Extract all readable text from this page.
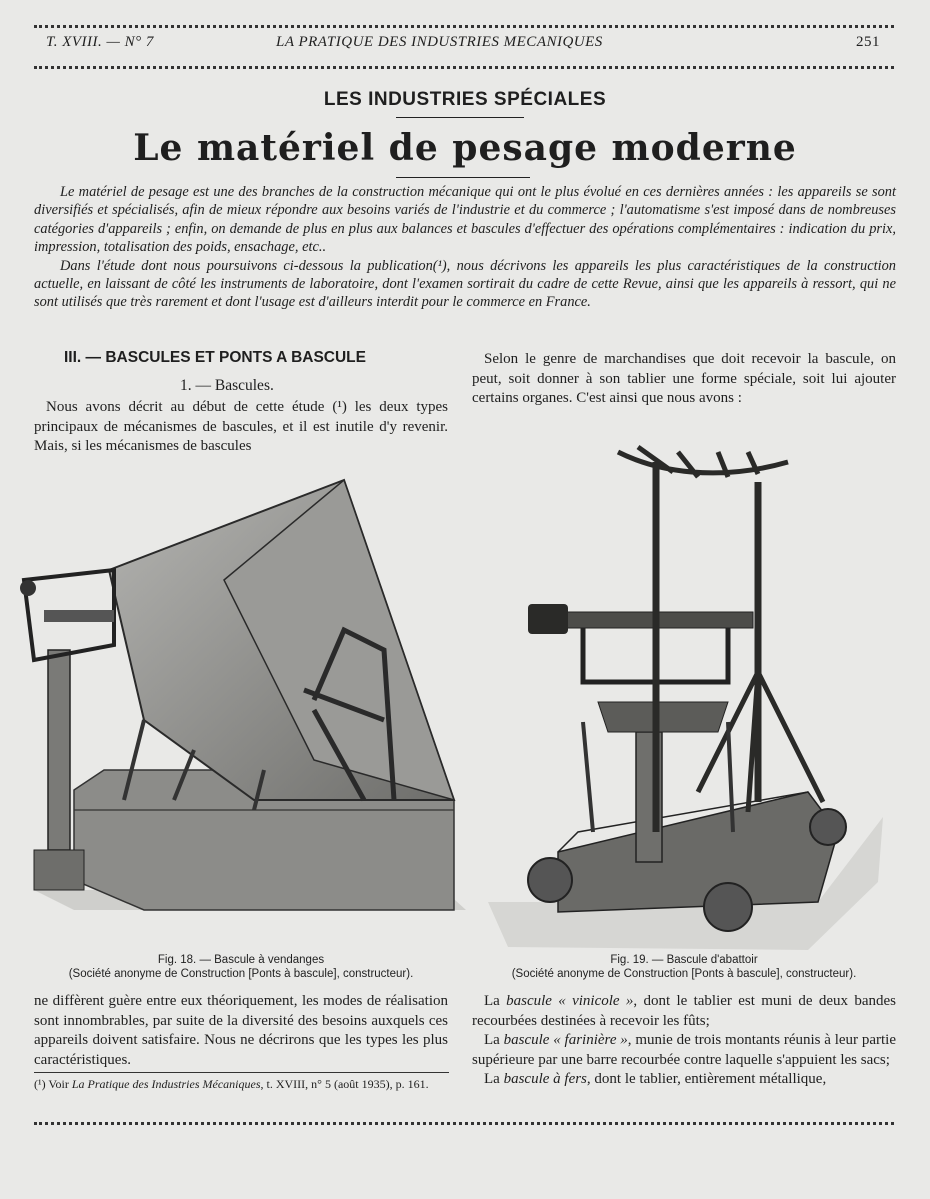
T. XVIII. — N° 7	LA PRATIQUE DES INDUSTRIES MECANIQUES	251
LES INDUSTRIES SPÉCIALES
Le matériel de pesage moderne

Le matériel de pesage est une des branches de la construction mécanique qui ont le plus évolué en ces dernières années : les appareils se sont diversifiés et spécialisés, afin de mieux répondre aux besoins variés de l'industrie et du commerce ; l'automatisme s'est imposé dans de nombreuses catégories d'appareils ; enfin, on demande de plus en plus aux balances et bascules d'effectuer des opérations complémentaires : indication du prix, impression, totalisation des poids, ensachage, etc..

Dans l'étude dont nous poursuivons ci-dessous la publication(¹), nous décrivons les appareils les plus caractéristiques de la construction actuelle, en laissant de côté les instruments de laboratoire, dont l'examen sortirait du cadre de cette Revue, ainsi que les appareils à ressort, qui ne sont utilisés que très rarement et dont l'usage est d'ailleurs interdit pour le commerce en France.

III. — BASCULES ET PONTS A BASCULE
1. — Bascules.

Nous avons décrit au début de cette étude (¹) les deux types principaux de mécanismes de bascules, et il est inutile d'y revenir. Mais, si les mécanismes de bascules

Selon le genre de marchandises que doit recevoir la bascule, on peut, soit donner à son tablier une forme spéciale, soit lui ajouter certains organes. C'est ainsi que nous avons :

Fig. 18. — Bascule à vendanges
(Société anonyme de Construction [Ponts à bascule], constructeur).
Fig. 19. — Bascule d'abattoir
(Société anonyme de Construction [Ponts à bascule], constructeur).

ne diffèrent guère entre eux théoriquement, les modes de réalisation sont innombrables, par suite de la diversité des besoins auxquels ces appareils doivent satisfaire. Nous ne décrirons que les types les plus caractéristiques.

(¹) Voir La Pratique des Industries Mécaniques, t. XVIII, n° 5 (août 1935), p. 161.

La bascule « vinicole », dont le tablier est muni de deux bandes recourbées destinées à recevoir les fûts;

La bascule « farinière », munie de trois montants réunis à leur partie supérieure par une barre recourbée contre laquelle s'appuient les sacs;

La bascule à fers, dont le tablier, entièrement métallique,
